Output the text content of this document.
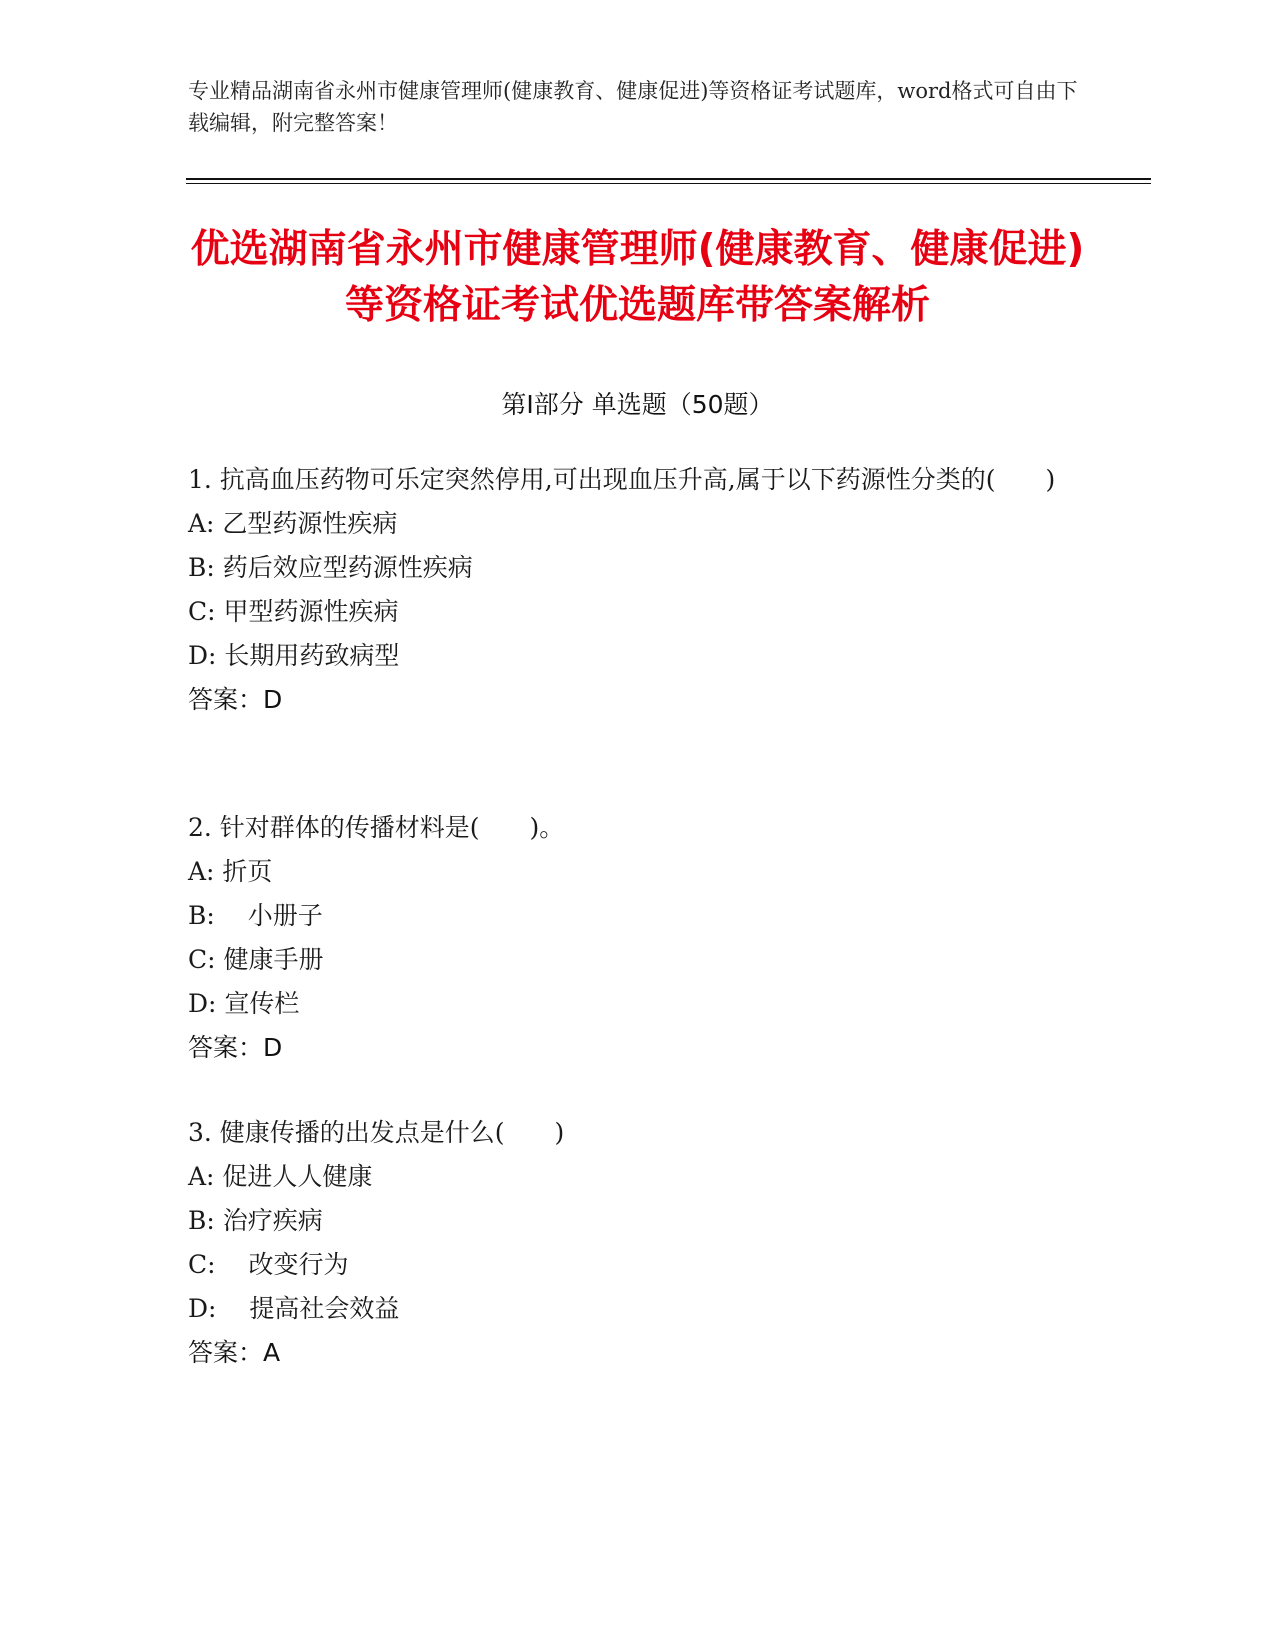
专业精品湖南省永州市健康管理师(健康教育、健康促进)等资格证考试题库，word格式可自由下载编辑，附完整答案！
优选湖南省永州市健康管理师(健康教育、健康促进)等资格证考试优选题库带答案解析
第Ⅰ部分 单选题（50题）
1. 抗高血压药物可乐定突然停用,可出现血压升高,属于以下药源性分类的(　　)
A: 乙型药源性疾病
B: 药后效应型药源性疾病
C: 甲型药源性疾病
D: 长期用药致病型
答案：D
2. 针对群体的传播材料是(　　)。
A: 折页
B: 　小册子
C: 健康手册
D: 宣传栏
答案：D
3. 健康传播的出发点是什么(　　)
A: 促进人人健康
B: 治疗疾病
C: 　改变行为
D: 　提高社会效益
答案：A
